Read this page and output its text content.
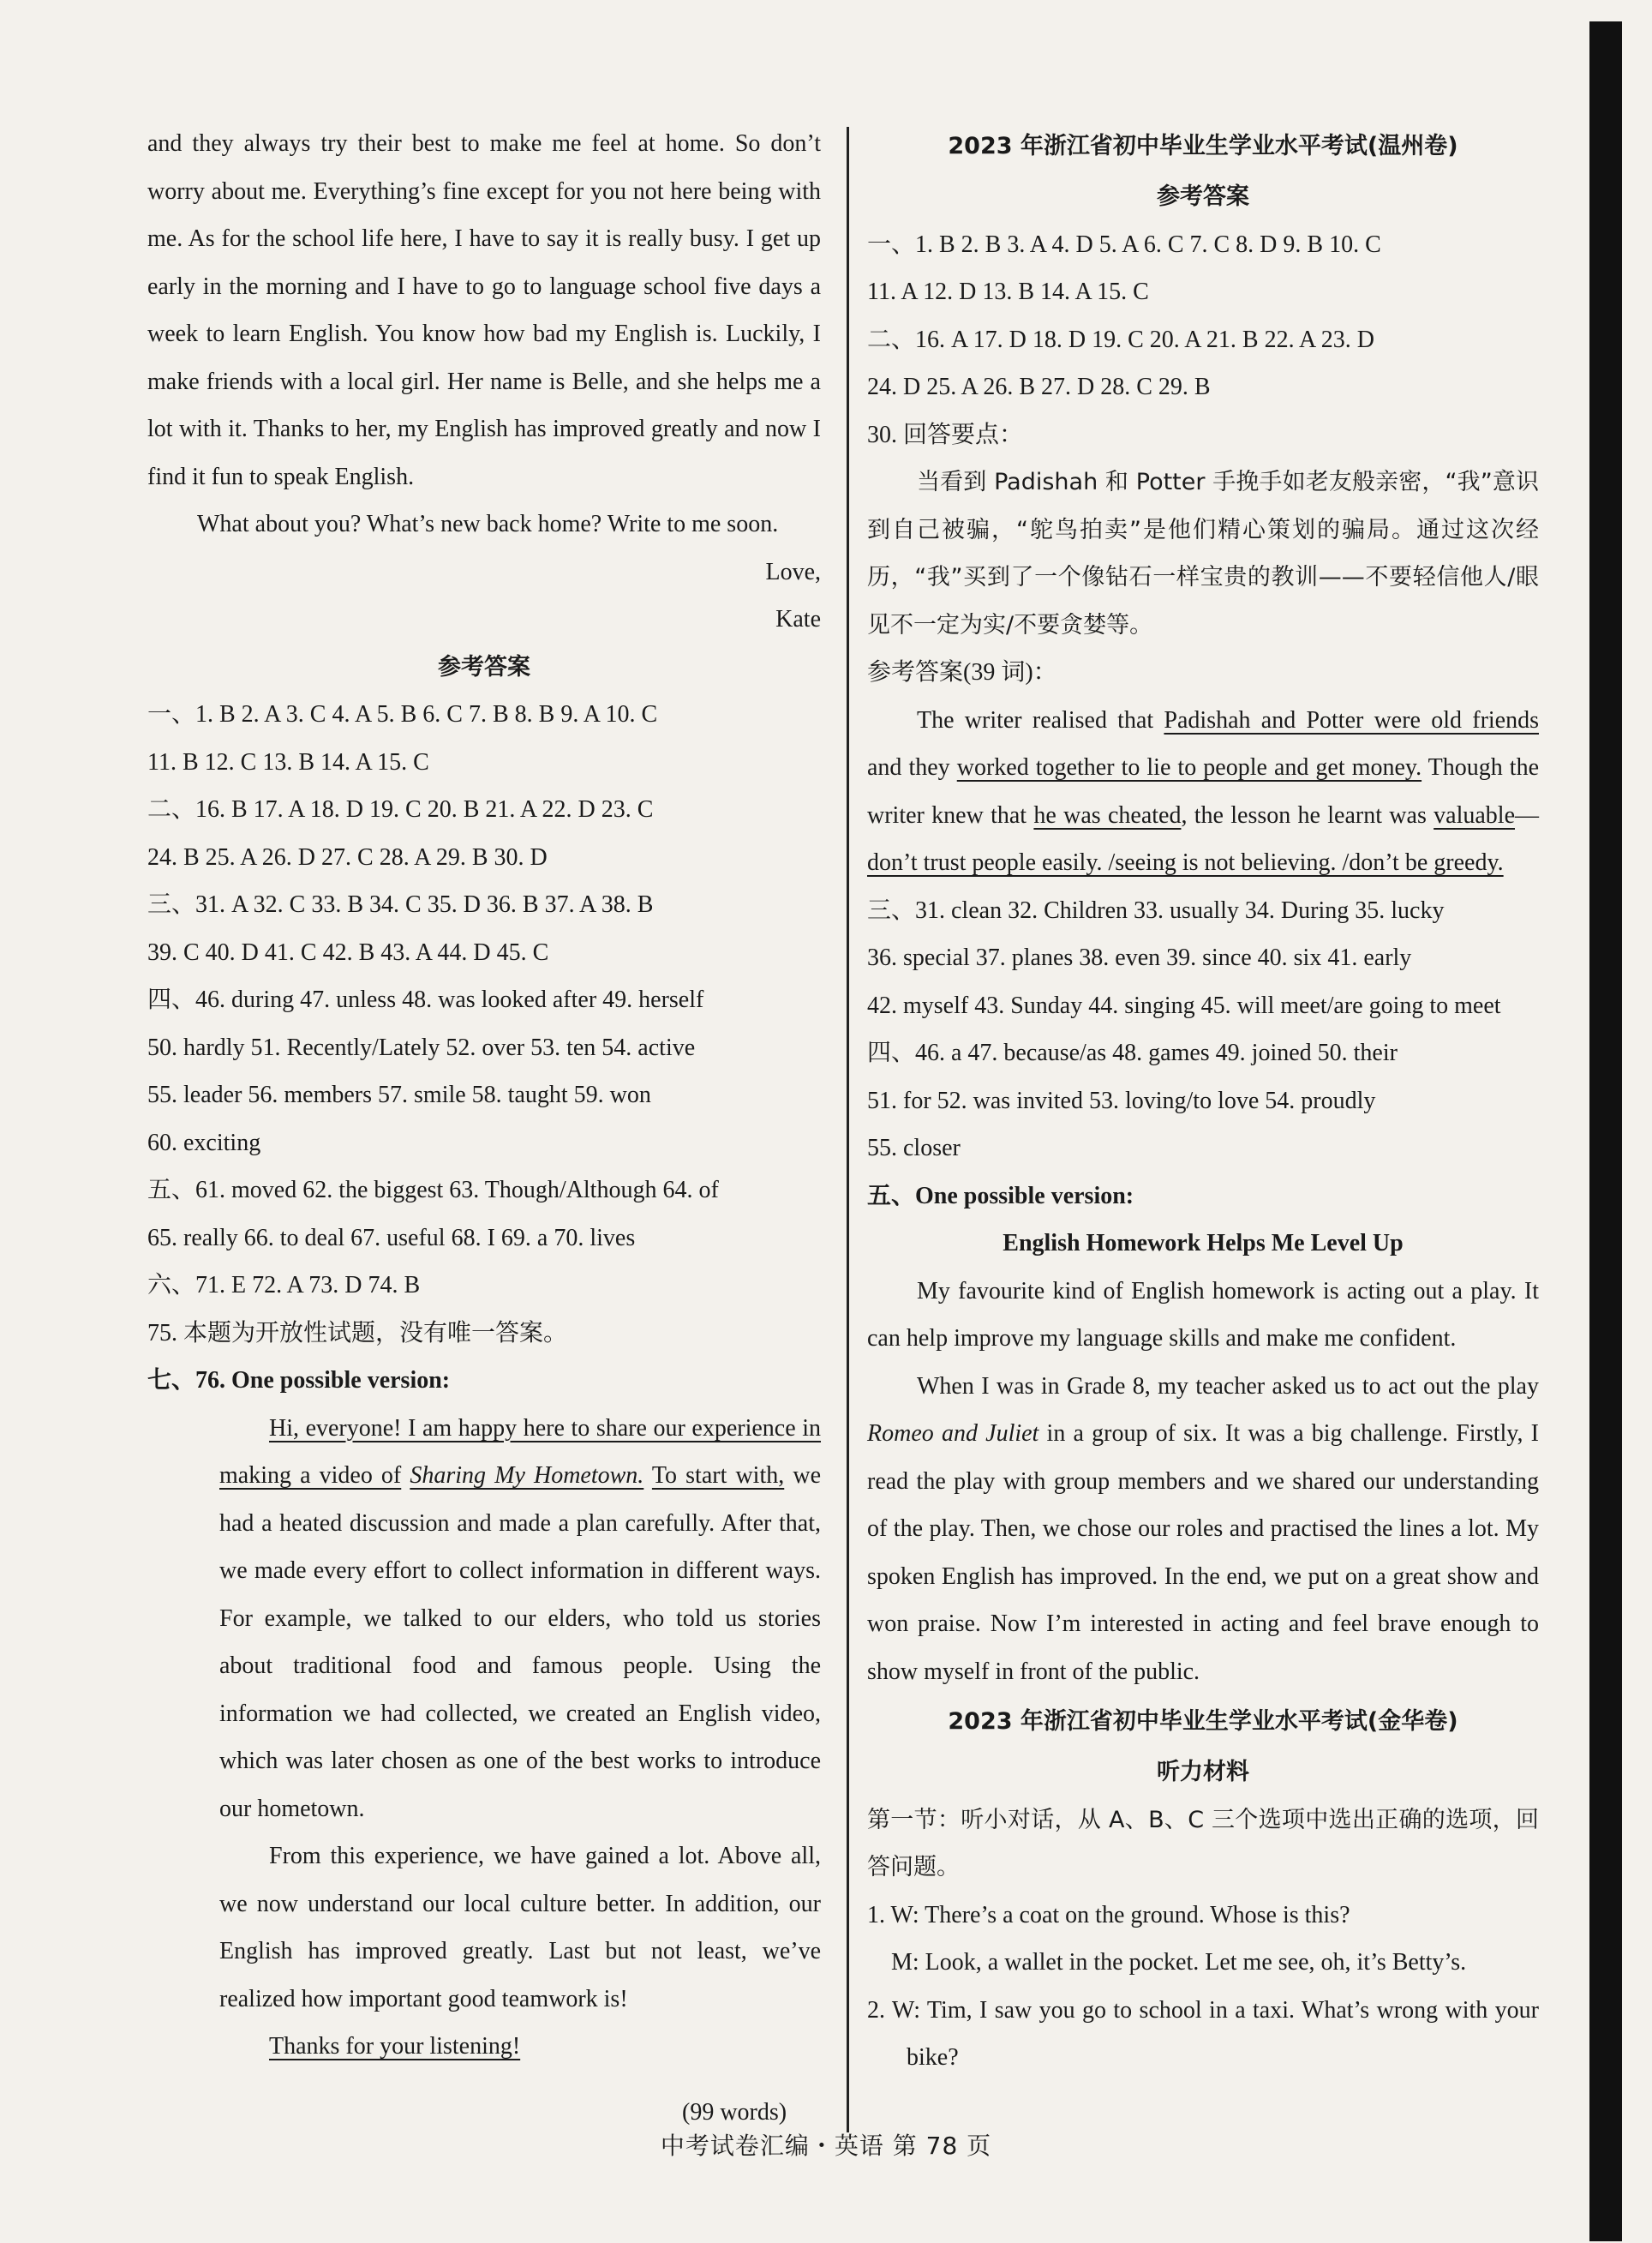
and they always try their best to make me feel at home. So don’t worry about me. Everything’s fine except for you not here being with me. As for the school life here, I have to say it is really busy. I get up early in the morning and I have to go to language school five days a week to learn English. You know how bad my English is. Luckily, I make friends with a local girl. Her name is Belle, and she helps me a lot with it. Thanks to her, my English has improved greatly and now I find it fun to speak English.

What about you? What’s new back home? Write to me soon.

Love,

Kate

参考答案

一、1. B 2. A 3. C 4. A 5. B 6. C 7. B 8. B 9. A 10. C

11. B 12. C 13. B 14. A 15. C

二、16. B 17. A 18. D 19. C 20. B 21. A 22. D 23. C

24. B 25. A 26. D 27. C 28. A 29. B 30. D

三、31. A 32. C 33. B 34. C 35. D 36. B 37. A 38. B

39. C 40. D 41. C 42. B 43. A 44. D 45. C

四、46. during 47. unless 48. was looked after 49. herself

50. hardly 51. Recently/Lately 52. over 53. ten 54. active

55. leader 56. members 57. smile 58. taught 59. won

60. exciting

五、61. moved 62. the biggest 63. Though/Although 64. of

65. really 66. to deal 67. useful 68. I 69. a 70. lives

六、71. E 72. A 73. D 74. B

75. 本题为开放性试题，没有唯一答案。

七、76. One possible version:

Hi, everyone! I am happy here to share our experience in making a video of Sharing My Hometown. To start with, we had a heated discussion and made a plan carefully. After that, we made every effort to collect information in different ways. For example, we talked to our elders, who told us stories about traditional food and famous people. Using the information we had collected, we created an English video, which was later chosen as one of the best works to introduce our hometown.

From this experience, we have gained a lot. Above all, we now understand our local culture better. In addition, our English has improved greatly. Last but not least, we’ve realized how important good teamwork is!

Thanks for your listening!

(99 words)

2023 年浙江省初中毕业生学业水平考试(温州卷)

参考答案

一、1. B 2. B 3. A 4. D 5. A 6. C 7. C 8. D 9. B 10. C

11. A 12. D 13. B 14. A 15. C

二、16. A 17. D 18. D 19. C 20. A 21. B 22. A 23. D

24. D 25. A 26. B 27. D 28. C 29. B

30. 回答要点：

当看到 Padishah 和 Potter 手挽手如老友般亲密，“我”意识到自己被骗，“鸵鸟拍卖”是他们精心策划的骗局。通过这次经历，“我”买到了一个像钻石一样宝贵的教训——不要轻信他人/眼见不一定为实/不要贪婪等。

参考答案(39 词)：

The writer realised that Padishah and Potter were old friends and they worked together to lie to people and get money. Though the writer knew that he was cheated, the lesson he learnt was valuable—don’t trust people easily. /seeing is not believing. /don’t be greedy.

三、31. clean 32. Children 33. usually 34. During 35. lucky

36. special 37. planes 38. even 39. since 40. six 41. early

42. myself 43. Sunday 44. singing 45. will meet/are going to meet

四、46. a 47. because/as 48. games 49. joined 50. their

51. for 52. was invited 53. loving/to love 54. proudly

55. closer

五、One possible version:

English Homework Helps Me Level Up

My favourite kind of English homework is acting out a play. It can help improve my language skills and make me confident.

When I was in Grade 8, my teacher asked us to act out the play Romeo and Juliet in a group of six. It was a big challenge. Firstly, I read the play with group members and we shared our understanding of the play. Then, we chose our roles and practised the lines a lot. My spoken English has improved. In the end, we put on a great show and won praise. Now I’m interested in acting and feel brave enough to show myself in front of the public.

2023 年浙江省初中毕业生学业水平考试(金华卷)

听力材料

第一节：听小对话，从 A、B、C 三个选项中选出正确的选项，回答问题。

1. W: There’s a coat on the ground. Whose is this?

M: Look, a wallet in the pocket. Let me see, oh, it’s Betty’s.

2. W: Tim, I saw you go to school in a taxi. What’s wrong with your bike?

中考试卷汇编・英语 第 78 页
